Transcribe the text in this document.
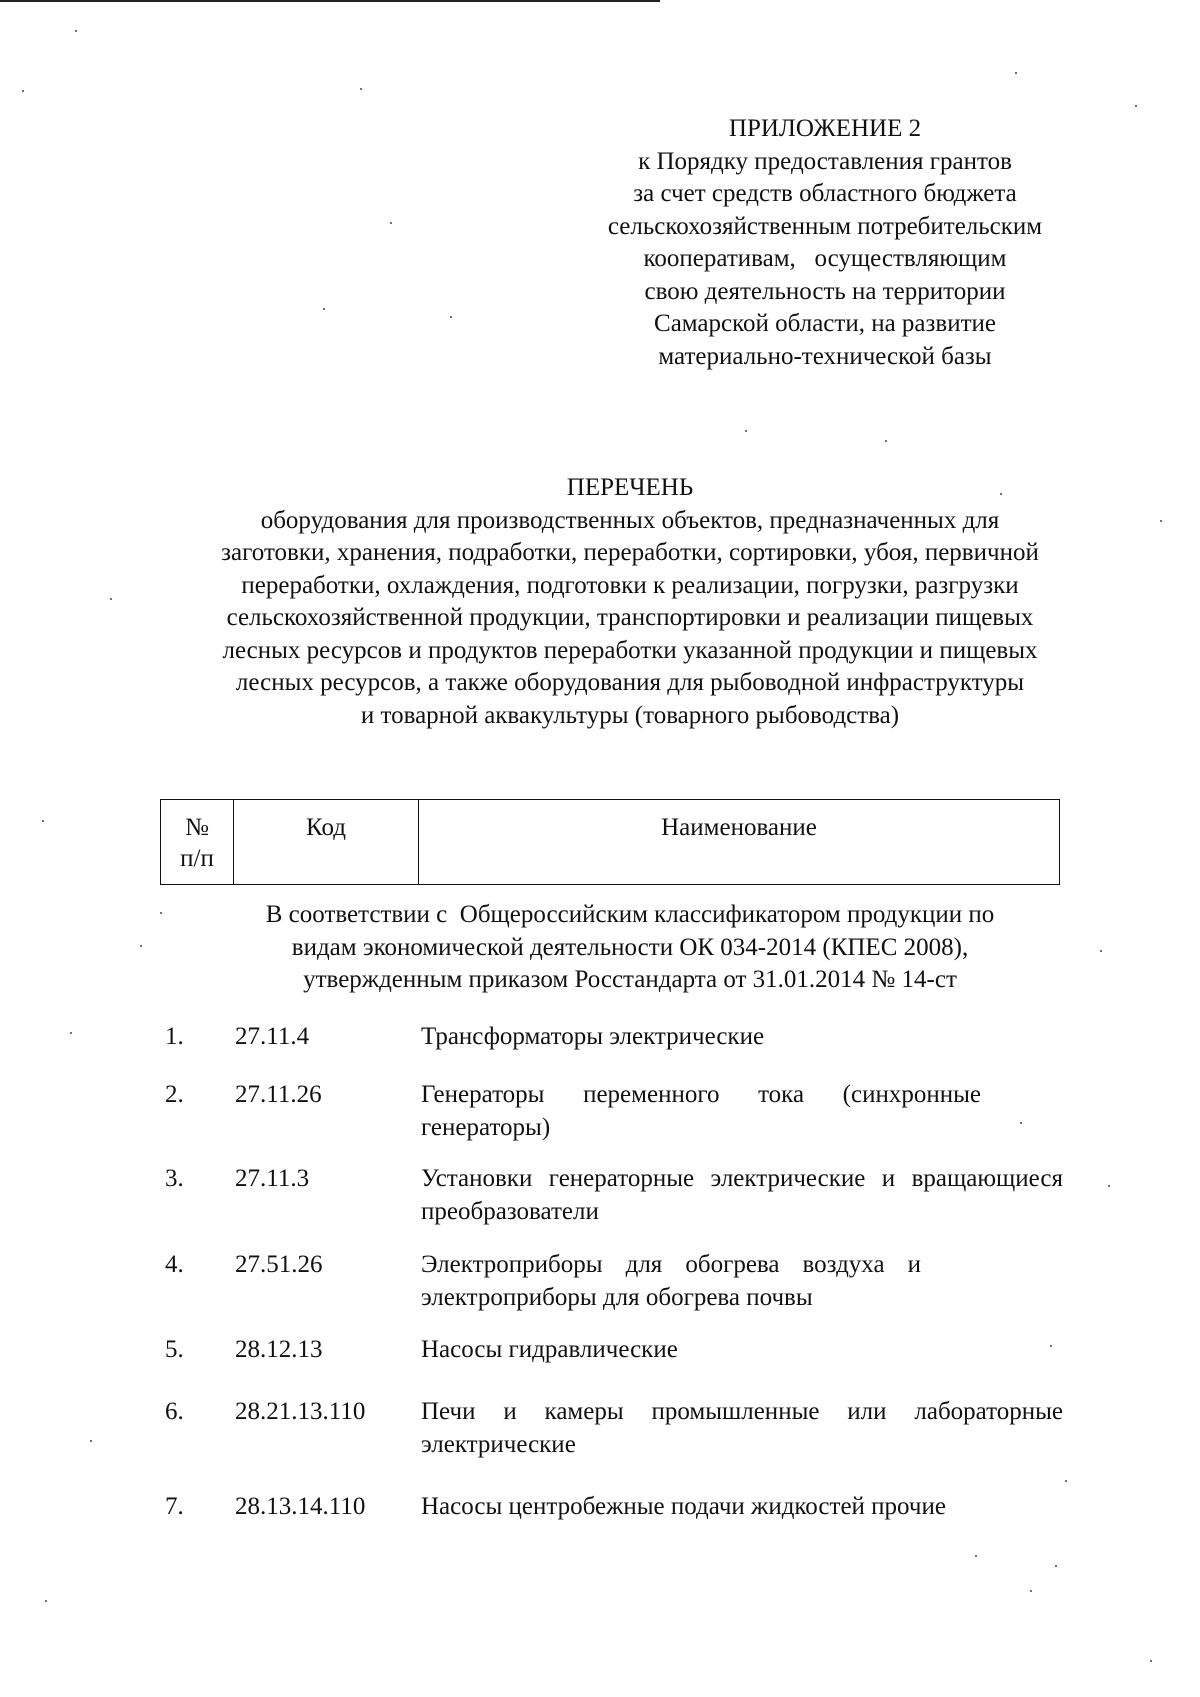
ПРИЛОЖЕНИЕ 2
к Порядку предоставления грантов
за счет средств областного бюджета
сельскохозяйственным потребительским
кооперативам,   осуществляющим
свою деятельность на территории
Самарской области, на развитие
материально-технической базы
ПЕРЕЧЕНЬ
оборудования для производственных объектов, предназначенных для
заготовки, хранения, подработки, переработки, сортировки, убоя, первичной
переработки, охлаждения, подготовки к реализации, погрузки, разгрузки
сельскохозяйственной продукции, транспортировки и реализации пищевых
лесных ресурсов и продуктов переработки указанной продукции и пищевых
лесных ресурсов, а также оборудования для рыбоводной инфраструктуры
и товарной аквакультуры (товарного рыбоводства)
№
п/п	Код	Наименование
В соответствии с  Общероссийским классификатором продукции по
видам экономической деятельности ОК 034-2014 (КПЕС 2008),
утвержденным приказом Росстандарта от 31.01.2014 № 14-ст
1. 27.11.4	Трансформаторы электрические
2. 27.11.26	Генераторы переменного тока (синхронные генераторы)
3. 27.11.3	Установки генераторные электрические и вращающиеся преобразователи
4. 27.51.26	Электроприборы для обогрева воздуха и электроприборы для обогрева почвы
5. 28.12.13	Насосы гидравлические
6. 28.21.13.110 Печи и камеры промышленные или лабораторные электрические
7. 28.13.14.110 Насосы центробежные подачи жидкостей прочие
